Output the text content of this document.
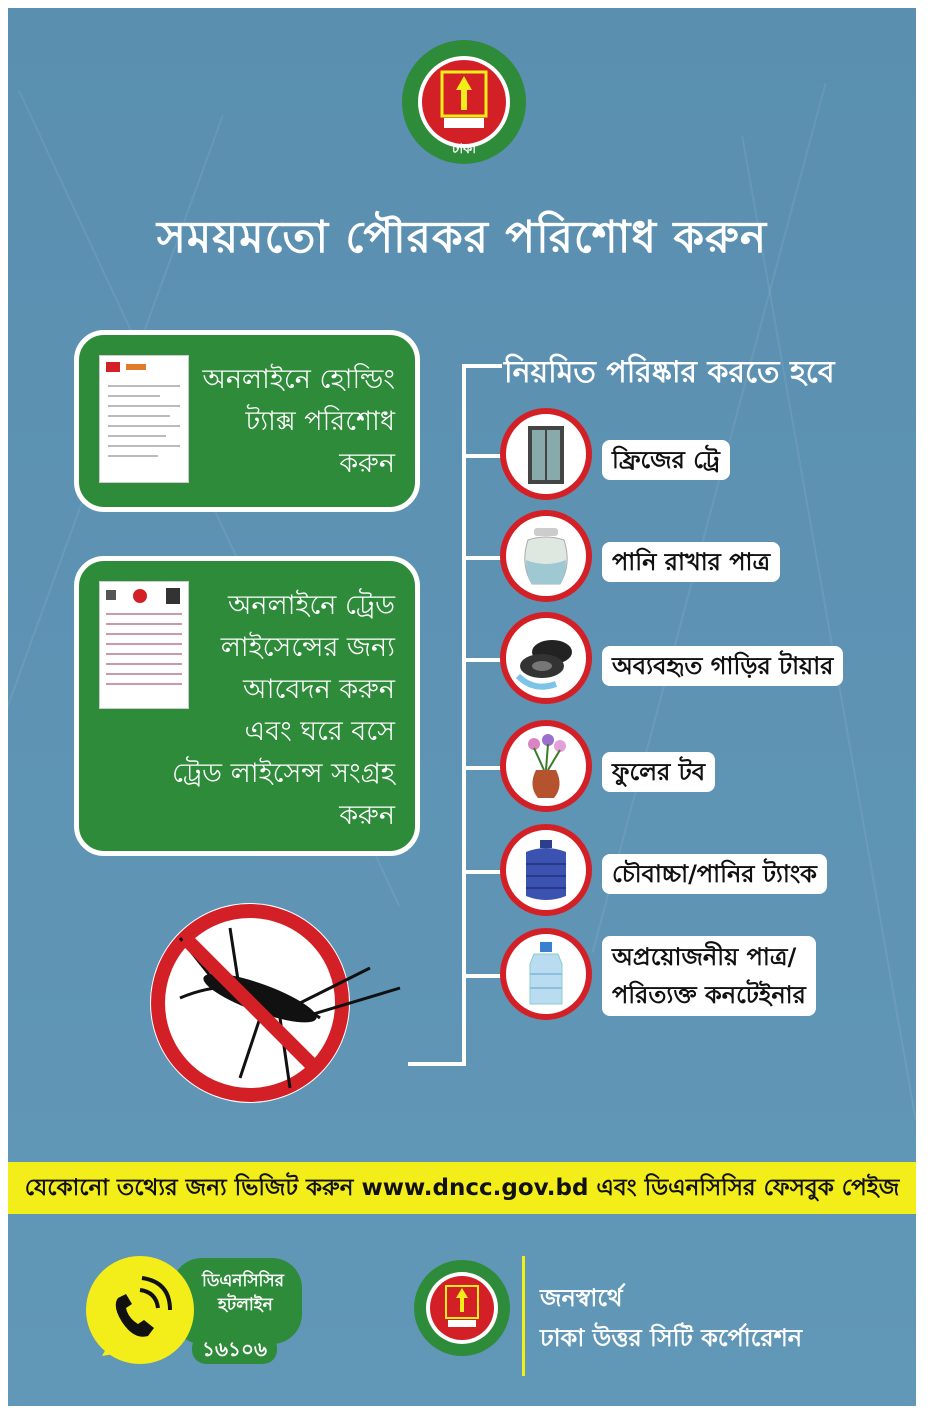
ঢাকা
সময়মতো পৌরকর পরিশোধ করুন
অনলাইনে হোল্ডিং
ট্যাক্স পরিশোধ
করুন
অনলাইনে ট্রেড
লাইসেন্সের জন্য
আবেদন করুন
এবং ঘরে বসে
ট্রেড লাইসেন্স সংগ্রহ
করুন
নিয়মিত পরিষ্কার করতে হবে
ফ্রিজের ট্রে
পানি রাখার পাত্র
অব্যবহৃত গাড়ির টায়ার
ফুলের টব
চৌবাচ্চা/পানির ট্যাংক
অপ্রয়োজনীয় পাত্র/
পরিত্যক্ত কনটেইনার
যেকোনো তথ্যের জন্য ভিজিট করুন www.dncc.gov.bd এবং ডিএনসিসির ফেসবুক পেইজ
ডিএনসিসির
হটলাইন
১৬১০৬
জনস্বার্থে
ঢাকা উত্তর সিটি কর্পোরেশন
